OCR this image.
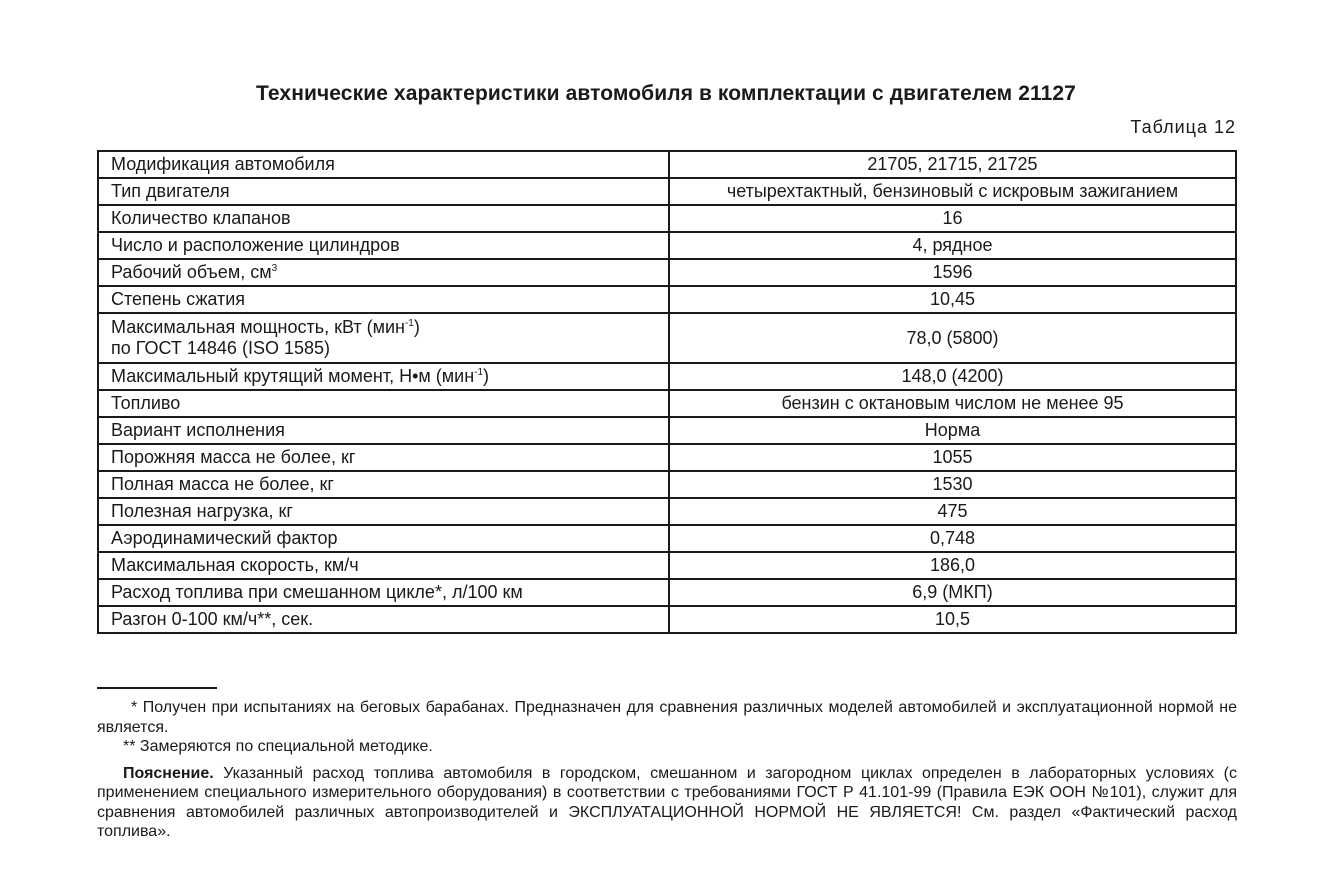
Технические характеристики автомобиля в комплектации с двигателем 21127
Таблица 12
Модификация автомобиля	21705, 21715, 21725
Тип двигателя	четырехтактный, бензиновый с искровым зажиганием
Количество клапанов	16
Число и расположение цилиндров	4, рядное
Рабочий объем, $см^3$	1596
Степень сжатия	10,45
Максимальная мощность, кВт (мин$^{-1}$)
по ГОСТ 14846 (ISO 1585)	78,0 (5800)
Максимальный крутящий момент, Н•м (мин$^{-1}$)	148,0 (4200)
Топливо	бензин с октановым числом не менее 95
Вариант исполнения	Норма
Порожняя масса не более, кг	1055
Полная масса не более, кг	1530
Полезная нагрузка, кг	475
Аэродинамический фактор	0,748
Максимальная скорость, км/ч	186,0
Расход топлива при смешанном цикле*, л/100 км	6,9 (МКП)
Разгон 0-100 км/ч**, сек.	10,5

* Получен при испытаниях на беговых барабанах. Предназначен для сравнения различных моделей автомобилей и эксплуатационной нормой не является.

** Замеряются по специальной методике.

Пояснение. Указанный расход топлива автомобиля в городском, смешанном и загородном циклах определен в лабораторных условиях (с применением специального измерительного оборудования) в соответствии с требованиями ГОСТ Р 41.101-99 (Правила ЕЭК ООН №101), служит для сравнения автомобилей различных автопроизводителей и ЭКСПЛУАТАЦИОННОЙ НОРМОЙ НЕ ЯВЛЯЕТСЯ! См. раздел «Фактический расход топлива».
